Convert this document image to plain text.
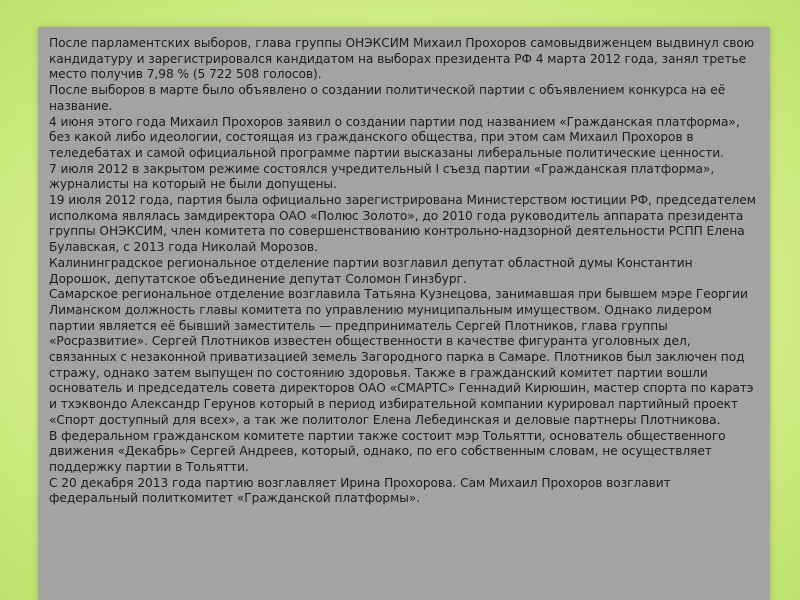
После парламентских выборов, глава группы ОНЭКСИМ Михаил Прохоров самовыдвиженцем выдвинул свою кандидатуру и зарегистрировался кандидатом на выборах президента РФ 4 марта 2012 года, занял третье место получив 7,98 % (5 722 508 голосов).

После выборов в марте было объявлено о создании политической партии с объявлением конкурса на её название.

4 июня этого года Михаил Прохоров заявил о создании партии под названием «Гражданская платформа», без какой либо идеологии, состоящая из гражданского общества, при этом сам Михаил Прохоров в теледебатах и самой официальной программе партии высказаны либеральные политические ценности.

7 июля 2012 в закрытом режиме состоялся учредительный I съезд партии «Гражданская платформа», журналисты на который не были допущены.

19 июля 2012 года, партия была официально зарегистрирована Министерством юстиции РФ, председателем исполкома являлась замдиректора ОАО «Полюс Золото», до 2010 года руководитель аппарата президента группы ОНЭКСИМ, член комитета по совершенствованию контрольно-надзорной деятельности РСПП Елена Булавская, с 2013 года Николай Морозов.

Калининградское региональное отделение партии возглавил депутат областной думы Константин Дорошок, депутатское объединение депутат Соломон Гинзбург.

Самарское региональное отделение возглавила Татьяна Кузнецова, занимавшая при бывшем мэре Георгии Лиманском должность главы комитета по управлению муниципальным имуществом. Однако лидером партии является её бывший заместитель — предприниматель Сергей Плотников, глава группы «Росразвитие». Сергей Плотников известен общественности в качестве фигуранта уголовных дел, связанных с незаконной приватизацией земель Загородного парка в Самаре. Плотников был заключен под стражу, однако затем выпущен по состоянию здоровья. Также в гражданский комитет партии вошли основатель и председатель совета директоров ОАО «СМАРТС» Геннадий Кирюшин, мастер спорта по каратэ и тхэквондо Александр Герунов который в период избирательной компании курировал партийный проект «Спорт доступный для всех», а так же политолог Елена Лебединская и деловые партнеры Плотникова.

В федеральном гражданском комитете партии также состоит мэр Тольятти, основатель общественного движения «Декабрь» Сергей Андреев, который, однако, по его собственным словам, не осуществляет поддержку партии в Тольятти.

С 20 декабря 2013 года партию возглавляет Ирина Прохорова. Сам Михаил Прохоров возглавит федеральный политкомитет «Гражданской платформы».
